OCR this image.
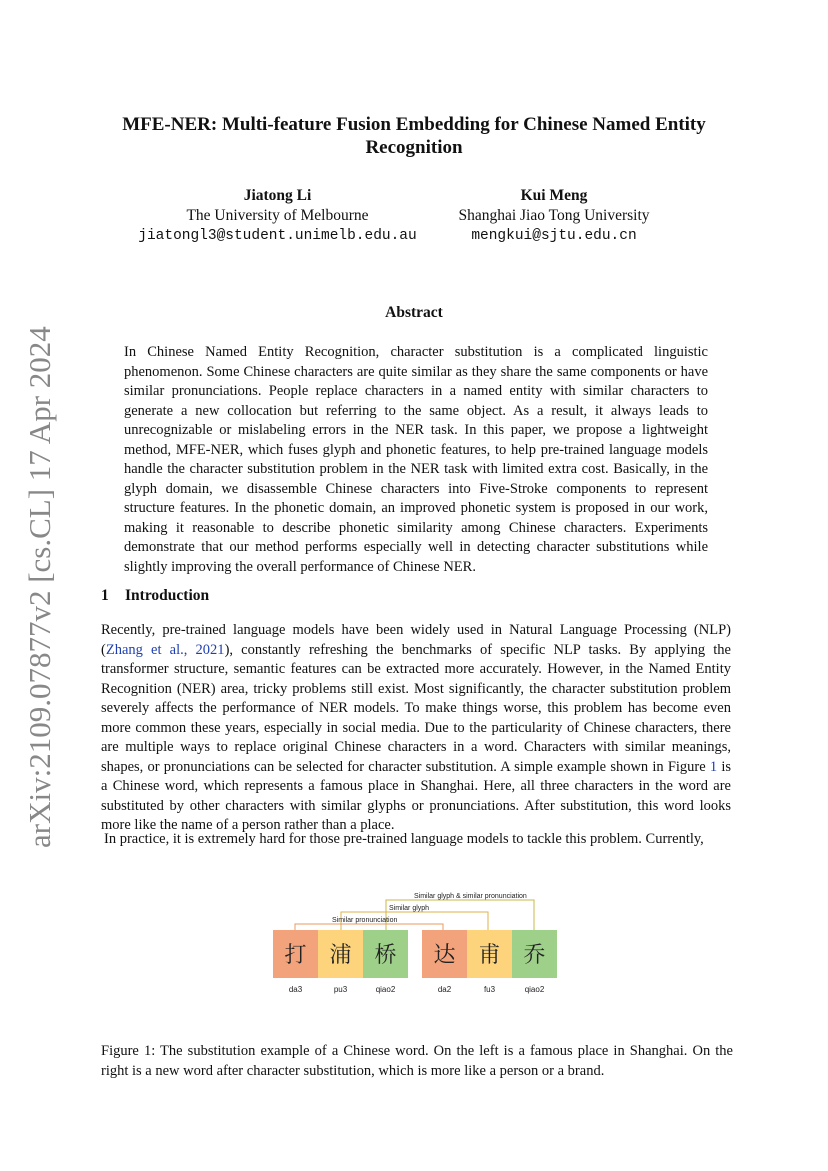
arXiv:2109.07877v2 [cs.CL] 17 Apr 2024
MFE-NER: Multi-feature Fusion Embedding for Chinese Named Entity Recognition
Jiatong Li
The University of Melbourne
jiatongl3@student.unimelb.edu.au
Kui Meng
Shanghai Jiao Tong University
mengkui@sjtu.edu.cn
Abstract
In Chinese Named Entity Recognition, character substitution is a complicated linguistic phenomenon. Some Chinese characters are quite similar as they share the same components or have similar pronunciations. People replace characters in a named entity with similar characters to generate a new collocation but referring to the same object. As a result, it always leads to unrecognizable or mislabeling errors in the NER task. In this paper, we propose a lightweight method, MFE-NER, which fuses glyph and phonetic features, to help pre-trained language models handle the character substitution problem in the NER task with limited extra cost. Basically, in the glyph domain, we disassemble Chinese characters into Five-Stroke components to represent structure features. In the phonetic domain, an improved phonetic system is proposed in our work, making it reasonable to describe phonetic similarity among Chinese characters. Experiments demonstrate that our method performs especially well in detecting character substitutions while slightly improving the overall performance of Chinese NER.
1 Introduction
Recently, pre-trained language models have been widely used in Natural Language Processing (NLP) (Zhang et al., 2021), constantly refreshing the benchmarks of specific NLP tasks. By applying the transformer structure, semantic features can be extracted more accurately. However, in the Named Entity Recognition (NER) area, tricky problems still exist. Most significantly, the character substitution problem severely affects the performance of NER models. To make things worse, this problem has become even more common these years, especially in social media. Due to the particularity of Chinese characters, there are multiple ways to replace original Chinese characters in a word. Characters with similar meanings, shapes, or pronunciations can be selected for character substitution. A simple example shown in Figure 1 is a Chinese word, which represents a famous place in Shanghai. Here, all three characters in the word are substituted by other characters with similar glyphs or pronunciations. After substitution, this word looks more like the name of a person rather than a place.
In practice, it is extremely hard for those pre-trained language models to tackle this problem. Currently,
Similar glyph & similar pronunciation
Similar glyph
Similar pronunciation
打
da3
浦
pu3
桥
qiao2
达
da2
甫
fu3
乔
qiao2
Figure 1: The substitution example of a Chinese word. On the left is a famous place in Shanghai. On the right is a new word after character substitution, which is more like a person or a brand.
